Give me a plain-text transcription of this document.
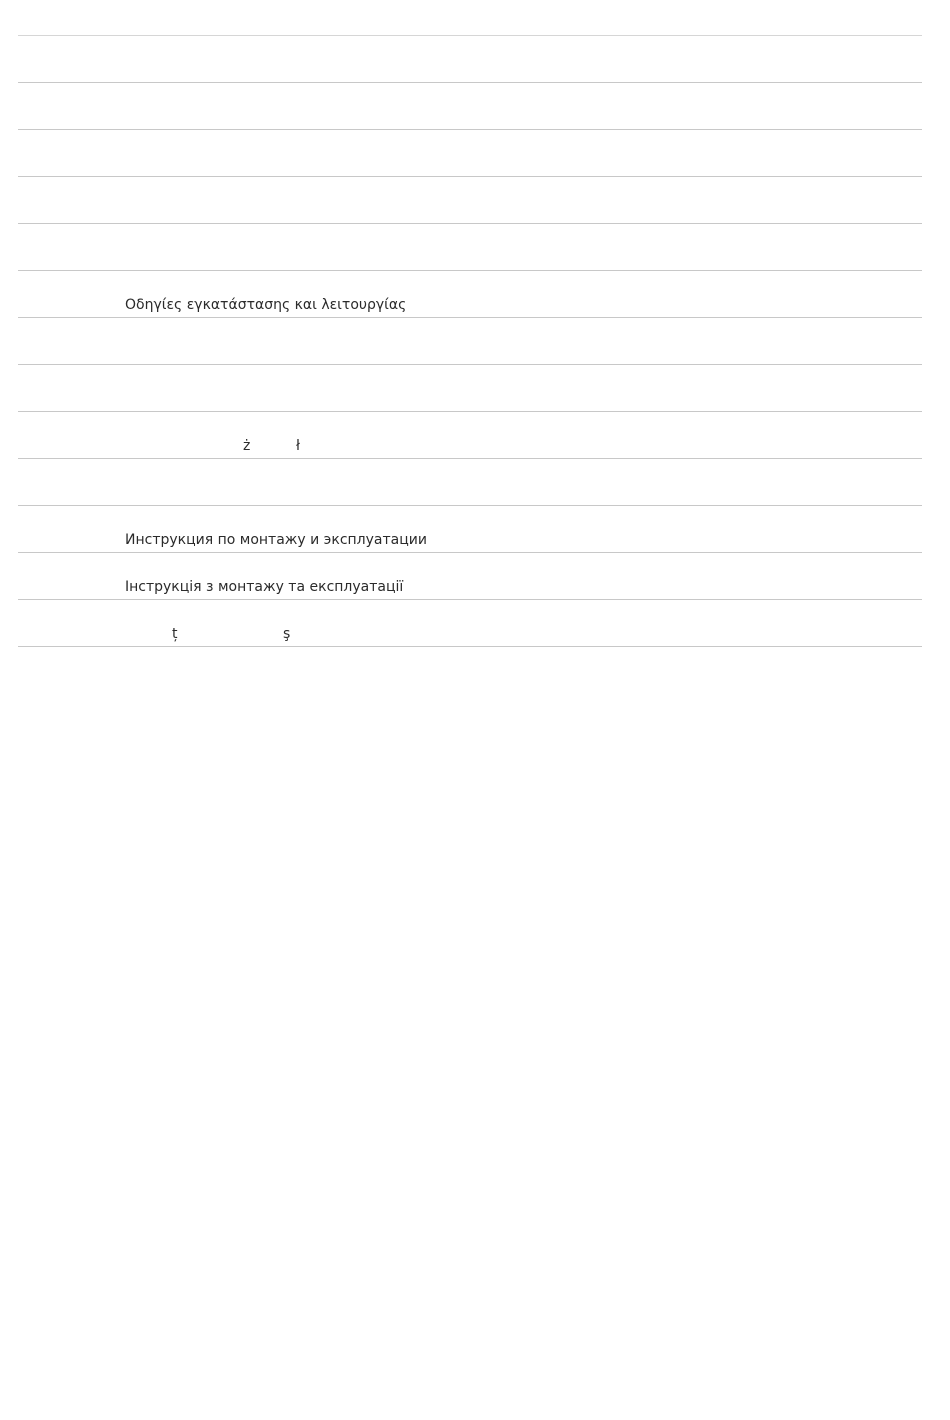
Οδηγίες εγκατάστασης και λειτουργίας
ż	ł
Инструкция по монтажу и эксплуатации
Інструкція з монтажу та експлуатації
ț	ş
